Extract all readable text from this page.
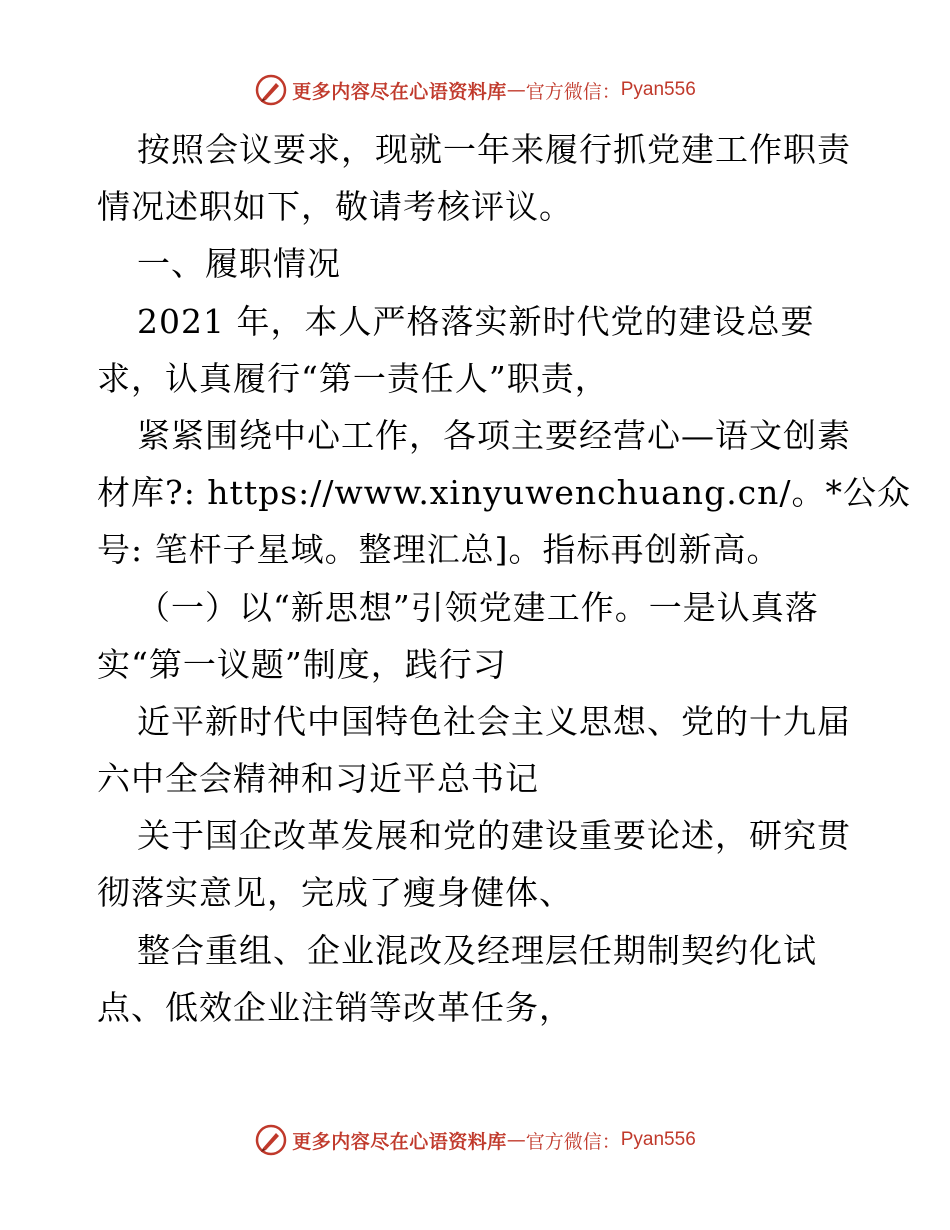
更多内容尽在心语资料库 — 官方微信： Pyan556
按照会议要求，现就一年来履行抓党建工作职责
情况述职如下，敬请考核评议。
一、履职情况
2021 年，本人严格落实新时代党的建设总要
求，认真履行“第一责任人”职责，
紧紧围绕中心工作，各项主要经营心—语文创素
材库?: https://www.xinyuwenchuang.cn/。*公众
号: 笔杆子星域。整理汇总]。指标再创新高。
（一）以“新思想”引领党建工作。一是认真落
实“第一议题”制度，践行习
近平新时代中国特色社会主义思想、党的十九届
六中全会精神和习近平总书记
关于国企改革发展和党的建设重要论述，研究贯
彻落实意见，完成了瘦身健体、
整合重组、企业混改及经理层任期制契约化试
点、低效企业注销等改革任务，
更多内容尽在心语资料库 — 官方微信： Pyan556
